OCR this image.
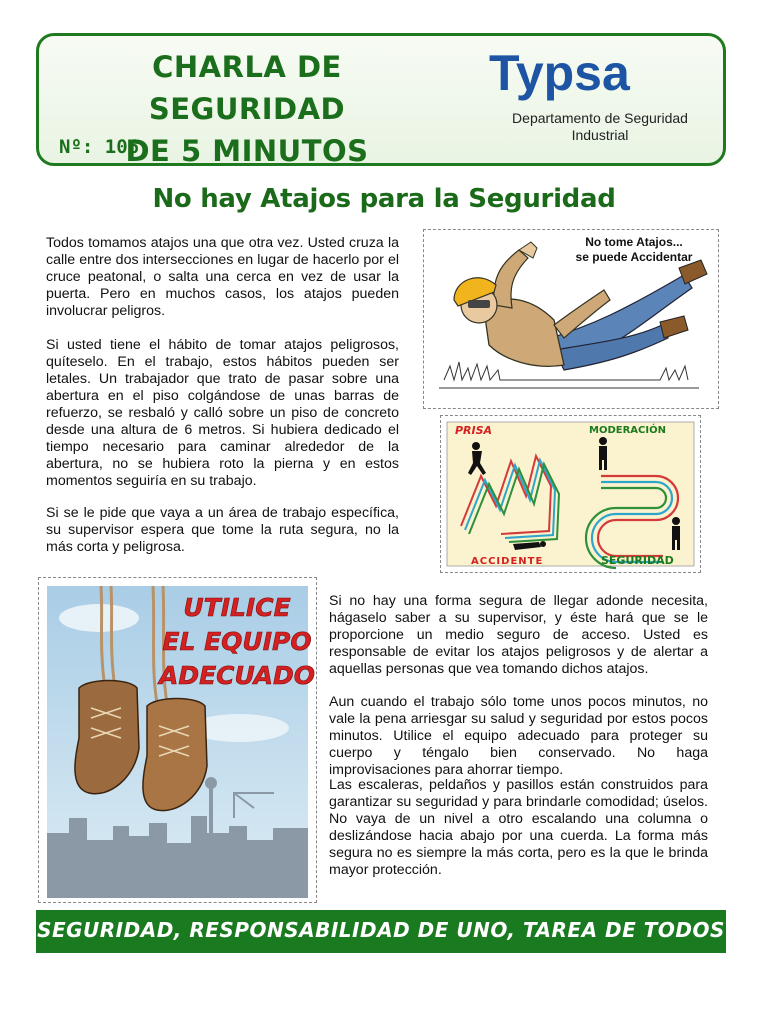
CHARLA DE SEGURIDAD
DE 5 MINUTOS
Nº: 106
Typsa
Departamento de Seguridad
Industrial
No hay Atajos para la Seguridad
Todos tomamos atajos una que otra vez. Usted cruza la calle entre dos intersecciones en lugar de hacerlo por el cruce peatonal, o salta una cerca en vez de usar la puerta. Pero en muchos casos, los atajos pueden involucrar peligros.
Si usted tiene el hábito de tomar atajos peligrosos, quíteselo. En el trabajo, estos hábitos pueden ser letales. Un trabajador que trato de pasar sobre una abertura en el piso colgándose de unas barras de refuerzo, se resbaló y calló sobre un piso de concreto desde una altura de 6 metros. Si hubiera dedicado el tiempo necesario para caminar alrededor de la abertura, no se hubiera roto la pierna y en estos momentos seguiría en su trabajo.
Si se le pide que vaya a un área de trabajo específica, su supervisor espera que tome la ruta segura, no la más corta y peligrosa.
No tome Atajos...
se puede Accidentar
PRISA	MODERACIÓN
ACCIDENTE	SEGURIDAD
UTILICE
EL EQUIPO
ADECUADO
Si no hay una forma segura de llegar adonde necesita, hágaselo saber a su supervisor, y éste hará que se le proporcione un medio seguro de acceso. Usted es responsable de evitar los atajos peligrosos y de alertar a aquellas personas que vea tomando dichos atajos.
Aun cuando el trabajo sólo tome unos pocos minutos, no vale la pena arriesgar su salud y seguridad por estos pocos minutos. Utilice el equipo adecuado para proteger su cuerpo y téngalo bien conservado. No haga improvisaciones para ahorrar tiempo.
Las escaleras, peldaños y pasillos están construidos para garantizar su seguridad y para brindarle comodidad; úselos. No vaya de un nivel a otro escalando una columna o deslizándose hacia abajo por una cuerda. La forma más segura no es siempre la más corta, pero es la que le brinda mayor protección.
SEGURIDAD, RESPONSABILIDAD DE UNO, TAREA DE TODOS
